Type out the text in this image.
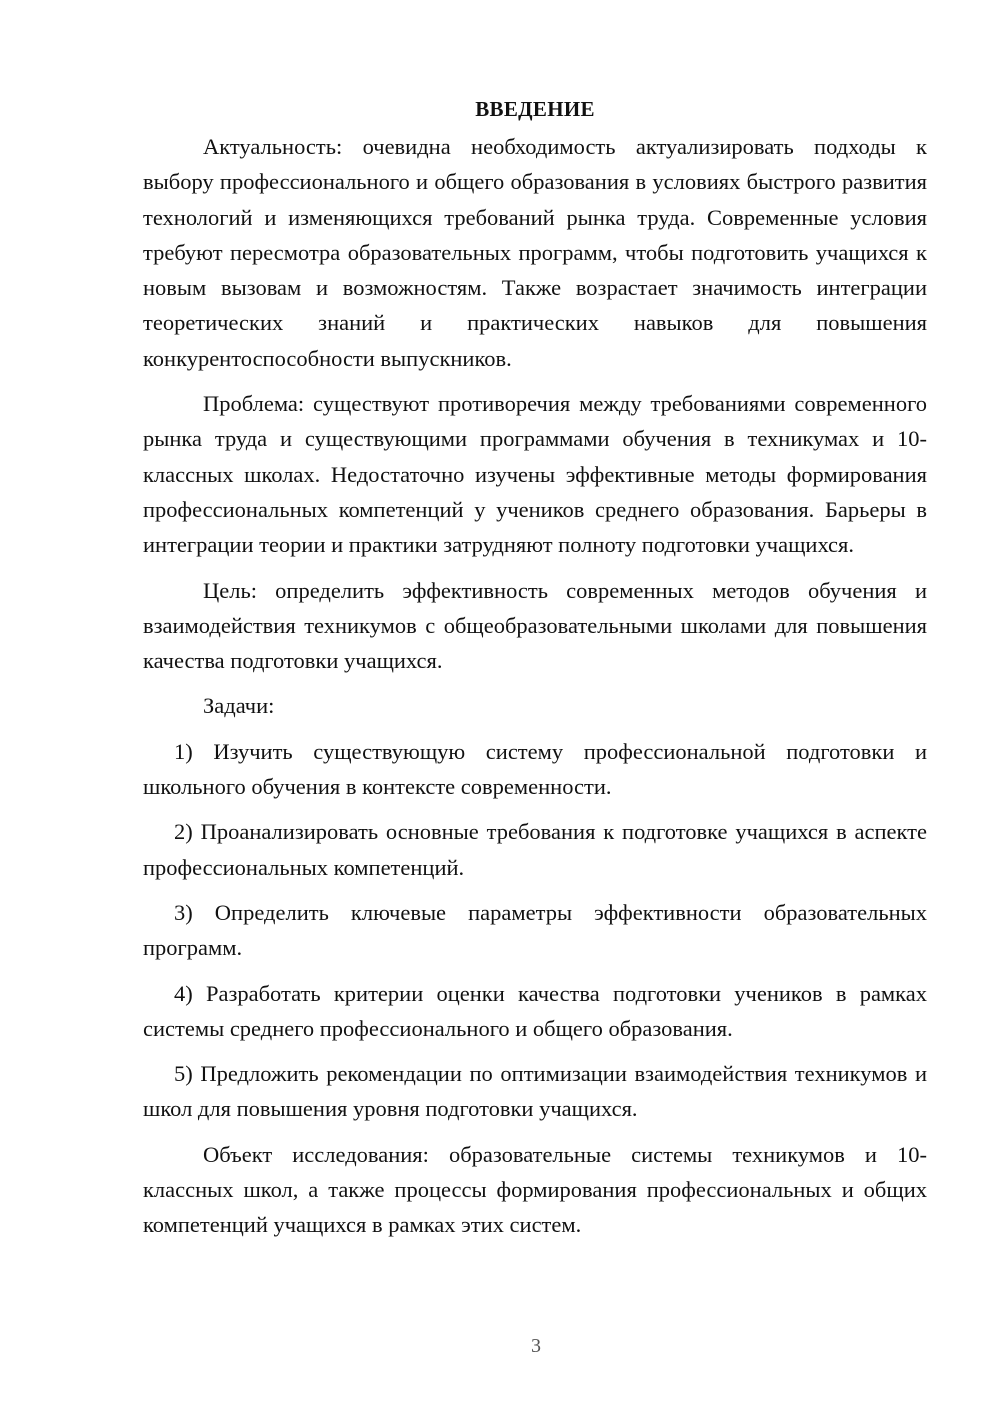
ВВЕДЕНИЕ

Актуальность: очевидна необходимость актуализировать подходы к выбору профессионального и общего образования в условиях быстрого развития технологий и изменяющихся требований рынка труда. Современные условия требуют пересмотра образовательных программ, чтобы подготовить учащихся к новым вызовам и возможностям. Также возрастает значимость интеграции теоретических знаний и практических навыков для повышения конкурентоспособности выпускников.

Проблема: существуют противоречия между требованиями современного рынка труда и существующими программами обучения в техникумах и 10-классных школах. Недостаточно изучены эффективные методы формирования профессиональных компетенций у учеников среднего образования. Барьеры в интеграции теории и практики затрудняют полноту подготовки учащихся.

Цель: определить эффективность современных методов обучения и взаимодействия техникумов с общеобразовательными школами для повышения качества подготовки учащихся.

Задачи:

1) Изучить существующую систему профессиональной подготовки и школьного обучения в контексте современности.

2) Проанализировать основные требования к подготовке учащихся в аспекте профессиональных компетенций.

3) Определить ключевые параметры эффективности образовательных программ.

4) Разработать критерии оценки качества подготовки учеников в рамках системы среднего профессионального и общего образования.

5) Предложить рекомендации по оптимизации взаимодействия техникумов и школ для повышения уровня подготовки учащихся.

Объект исследования: образовательные системы техникумов и 10-классных школ, а также процессы формирования профессиональных и общих компетенций учащихся в рамках этих систем.

3
